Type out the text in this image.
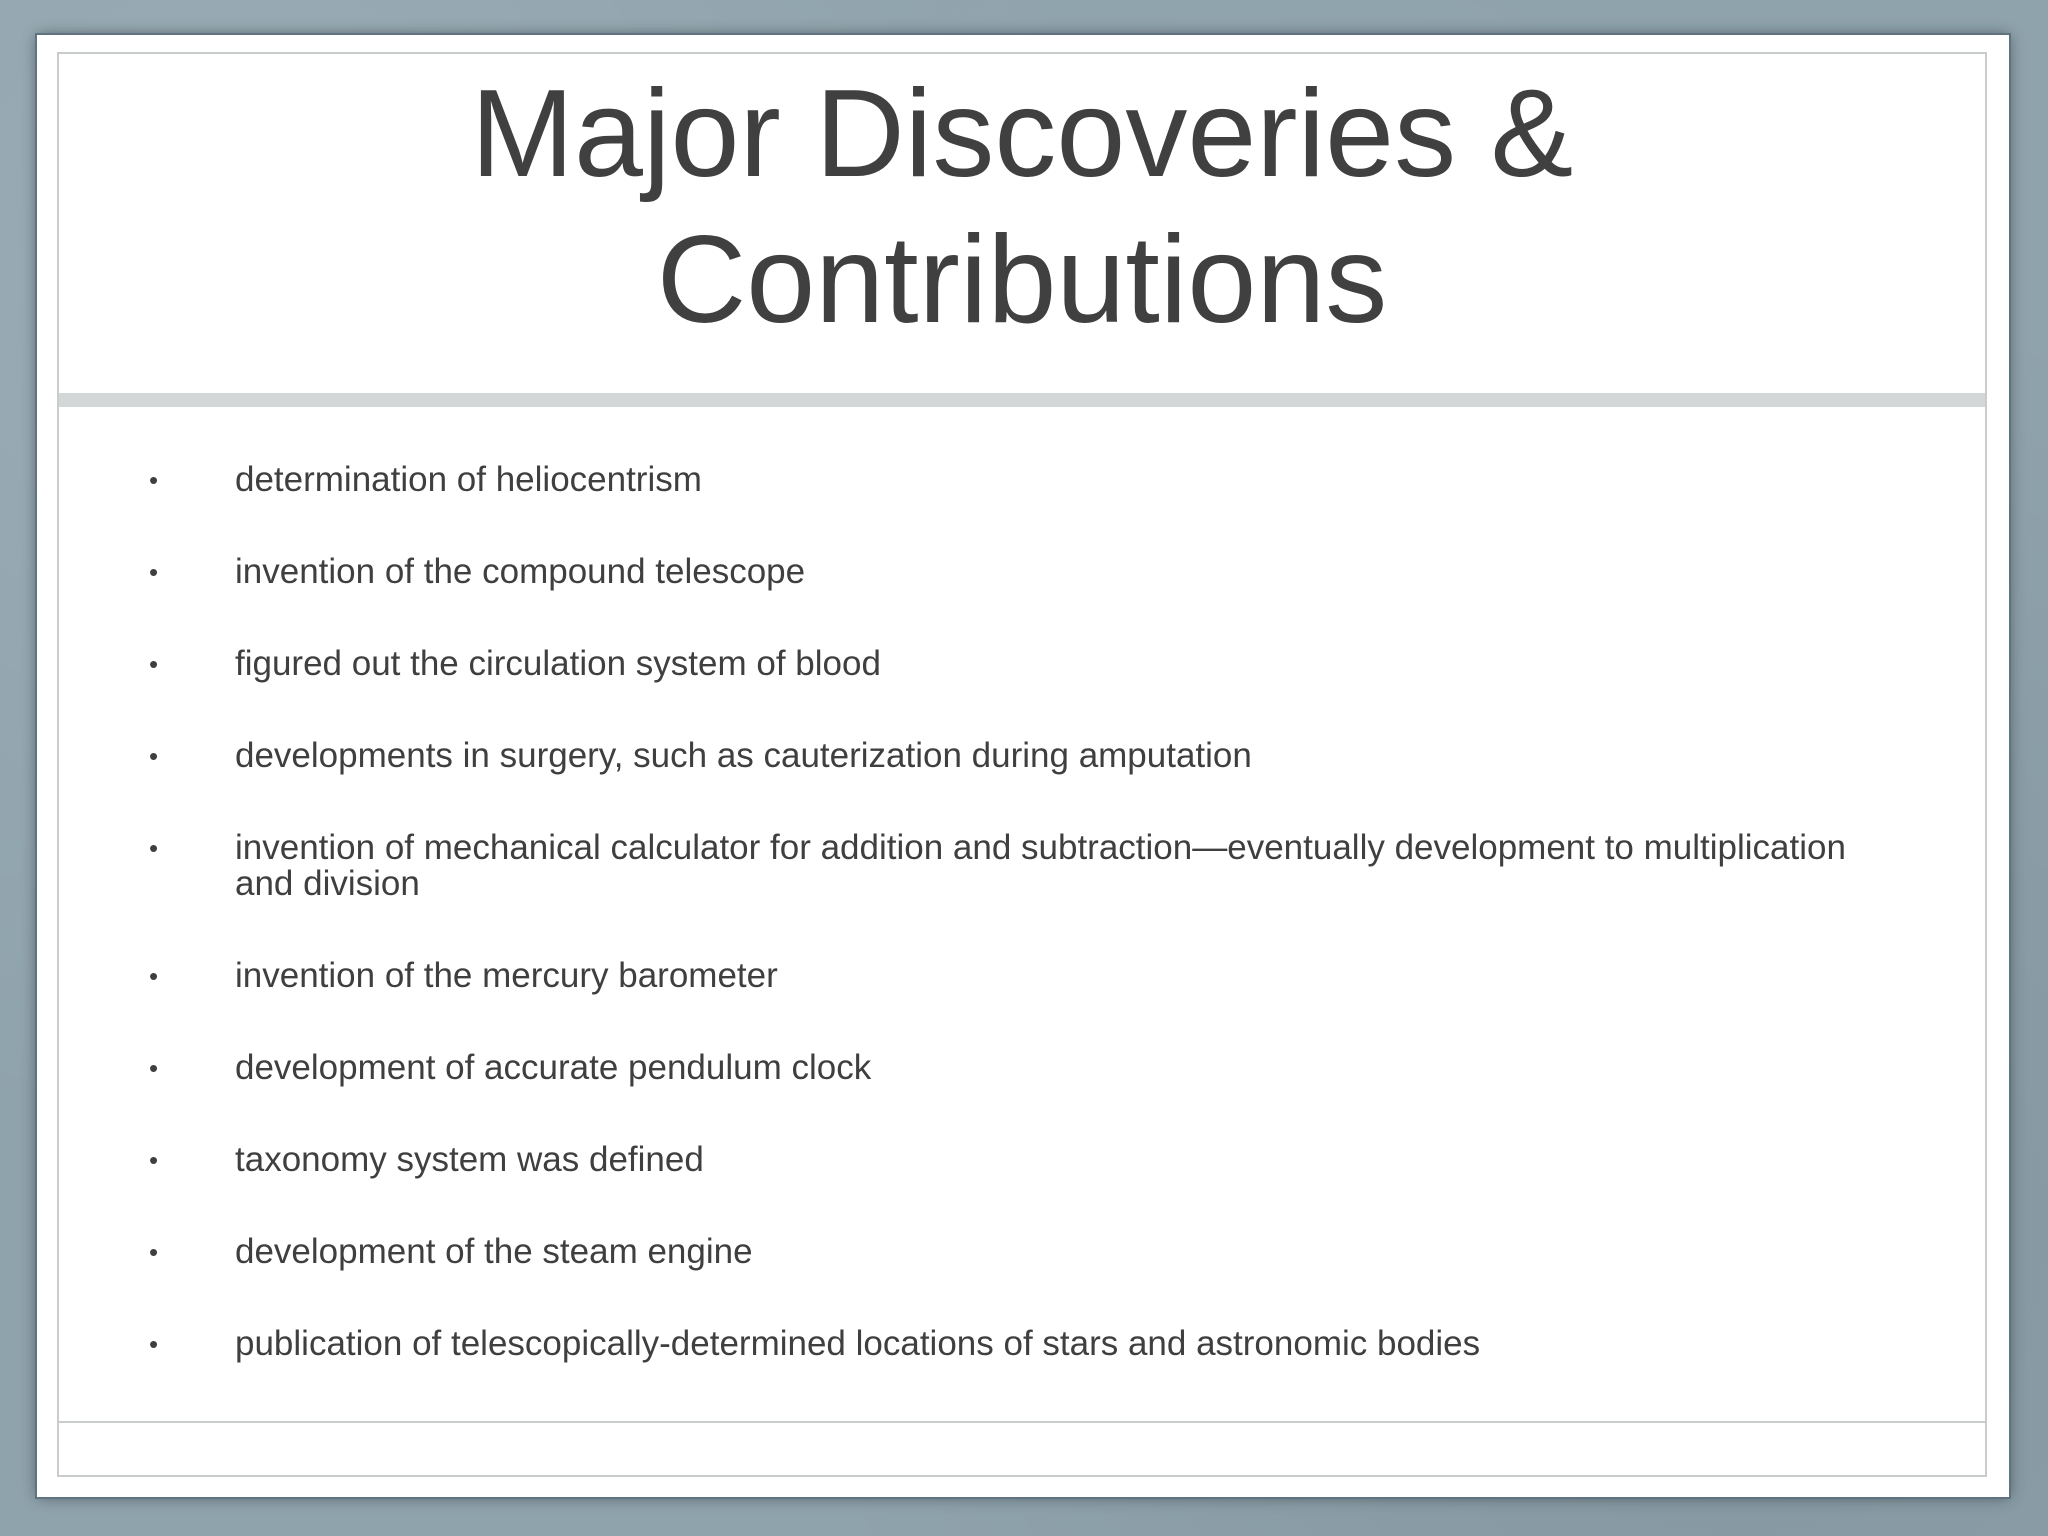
Major Discoveries & Contributions
•	determination of heliocentrism
•	invention of the compound telescope
•	figured out the circulation system of blood
•	developments in surgery, such as cauterization during amputation
•	invention of mechanical calculator for addition and subtraction—eventually development to multiplication and division
•	invention of the mercury barometer
•	development of accurate pendulum clock
•	taxonomy system was defined
•	development of the steam engine
•	publication of telescopically-determined locations of stars and astronomic bodies
